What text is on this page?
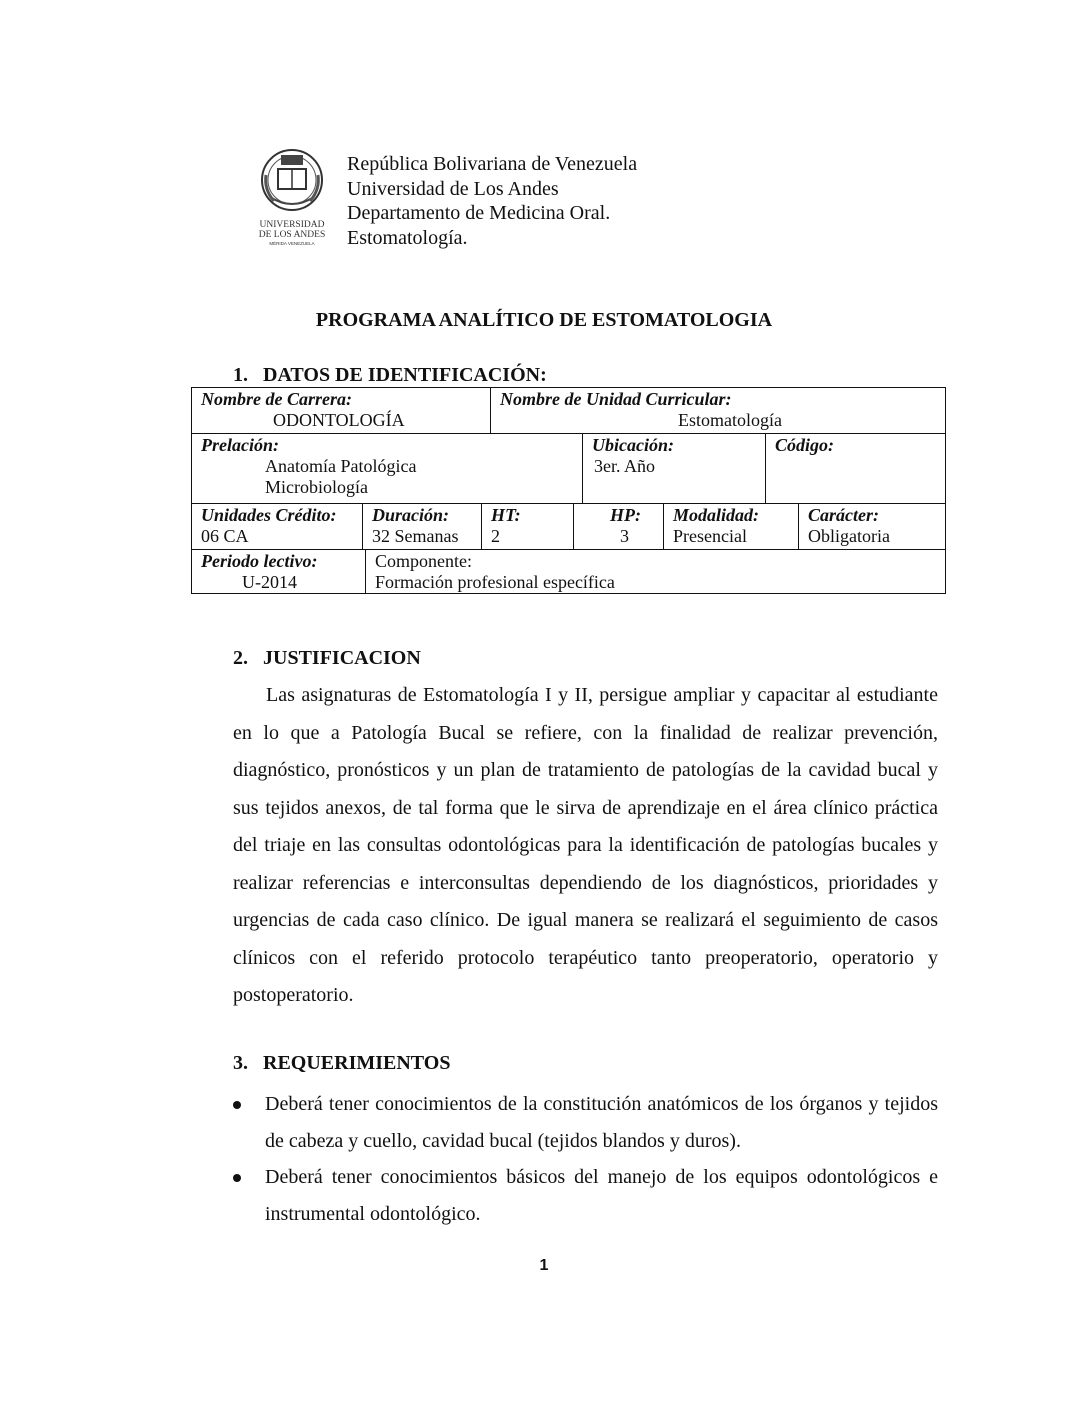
UNIVERSIDAD
DE LOS ANDES
MÉRIDA VENEZUELA
República Bolivariana de Venezuela
Universidad de Los Andes
Departamento de Medicina Oral.
Estomatología.
PROGRAMA ANALÍTICO DE ESTOMATOLOGIA
1. DATOS DE IDENTIFICACIÓN:
Nombre de Carrera:
ODONTOLOGÍA
Nombre de Unidad Curricular:
Estomatología
Prelación:
Anatomía Patológica
Microbiología
Ubicación:
3er. Año
Código:
Unidades Crédito:
06 CA
Duración:
32 Semanas
HT:
2
HP:
3
Modalidad:
Presencial
Carácter:
Obligatoria
Periodo lectivo:
U-2014
Componente:
Formación profesional específica
2. JUSTIFICACION
Las asignaturas de Estomatología I y II, persigue ampliar y capacitar al estudiante en lo que a Patología Bucal se refiere, con la finalidad de realizar prevención, diagnóstico, pronósticos y un plan de tratamiento de patologías de la cavidad bucal y sus tejidos anexos, de tal forma que le sirva de aprendizaje en el área clínico práctica del triaje en las consultas odontológicas para la identificación de patologías bucales y realizar referencias e interconsultas dependiendo de los diagnósticos, prioridades y urgencias de cada caso clínico. De igual manera se realizará el seguimiento de casos clínicos con el referido protocolo terapéutico tanto preoperatorio, operatorio y postoperatorio.
3. REQUERIMIENTOS
Deberá tener conocimientos de la constitución anatómicos de los órganos y tejidos de cabeza y cuello, cavidad bucal (tejidos blandos y duros).
Deberá tener conocimientos básicos del manejo de los equipos odontológicos e instrumental odontológico.
1
